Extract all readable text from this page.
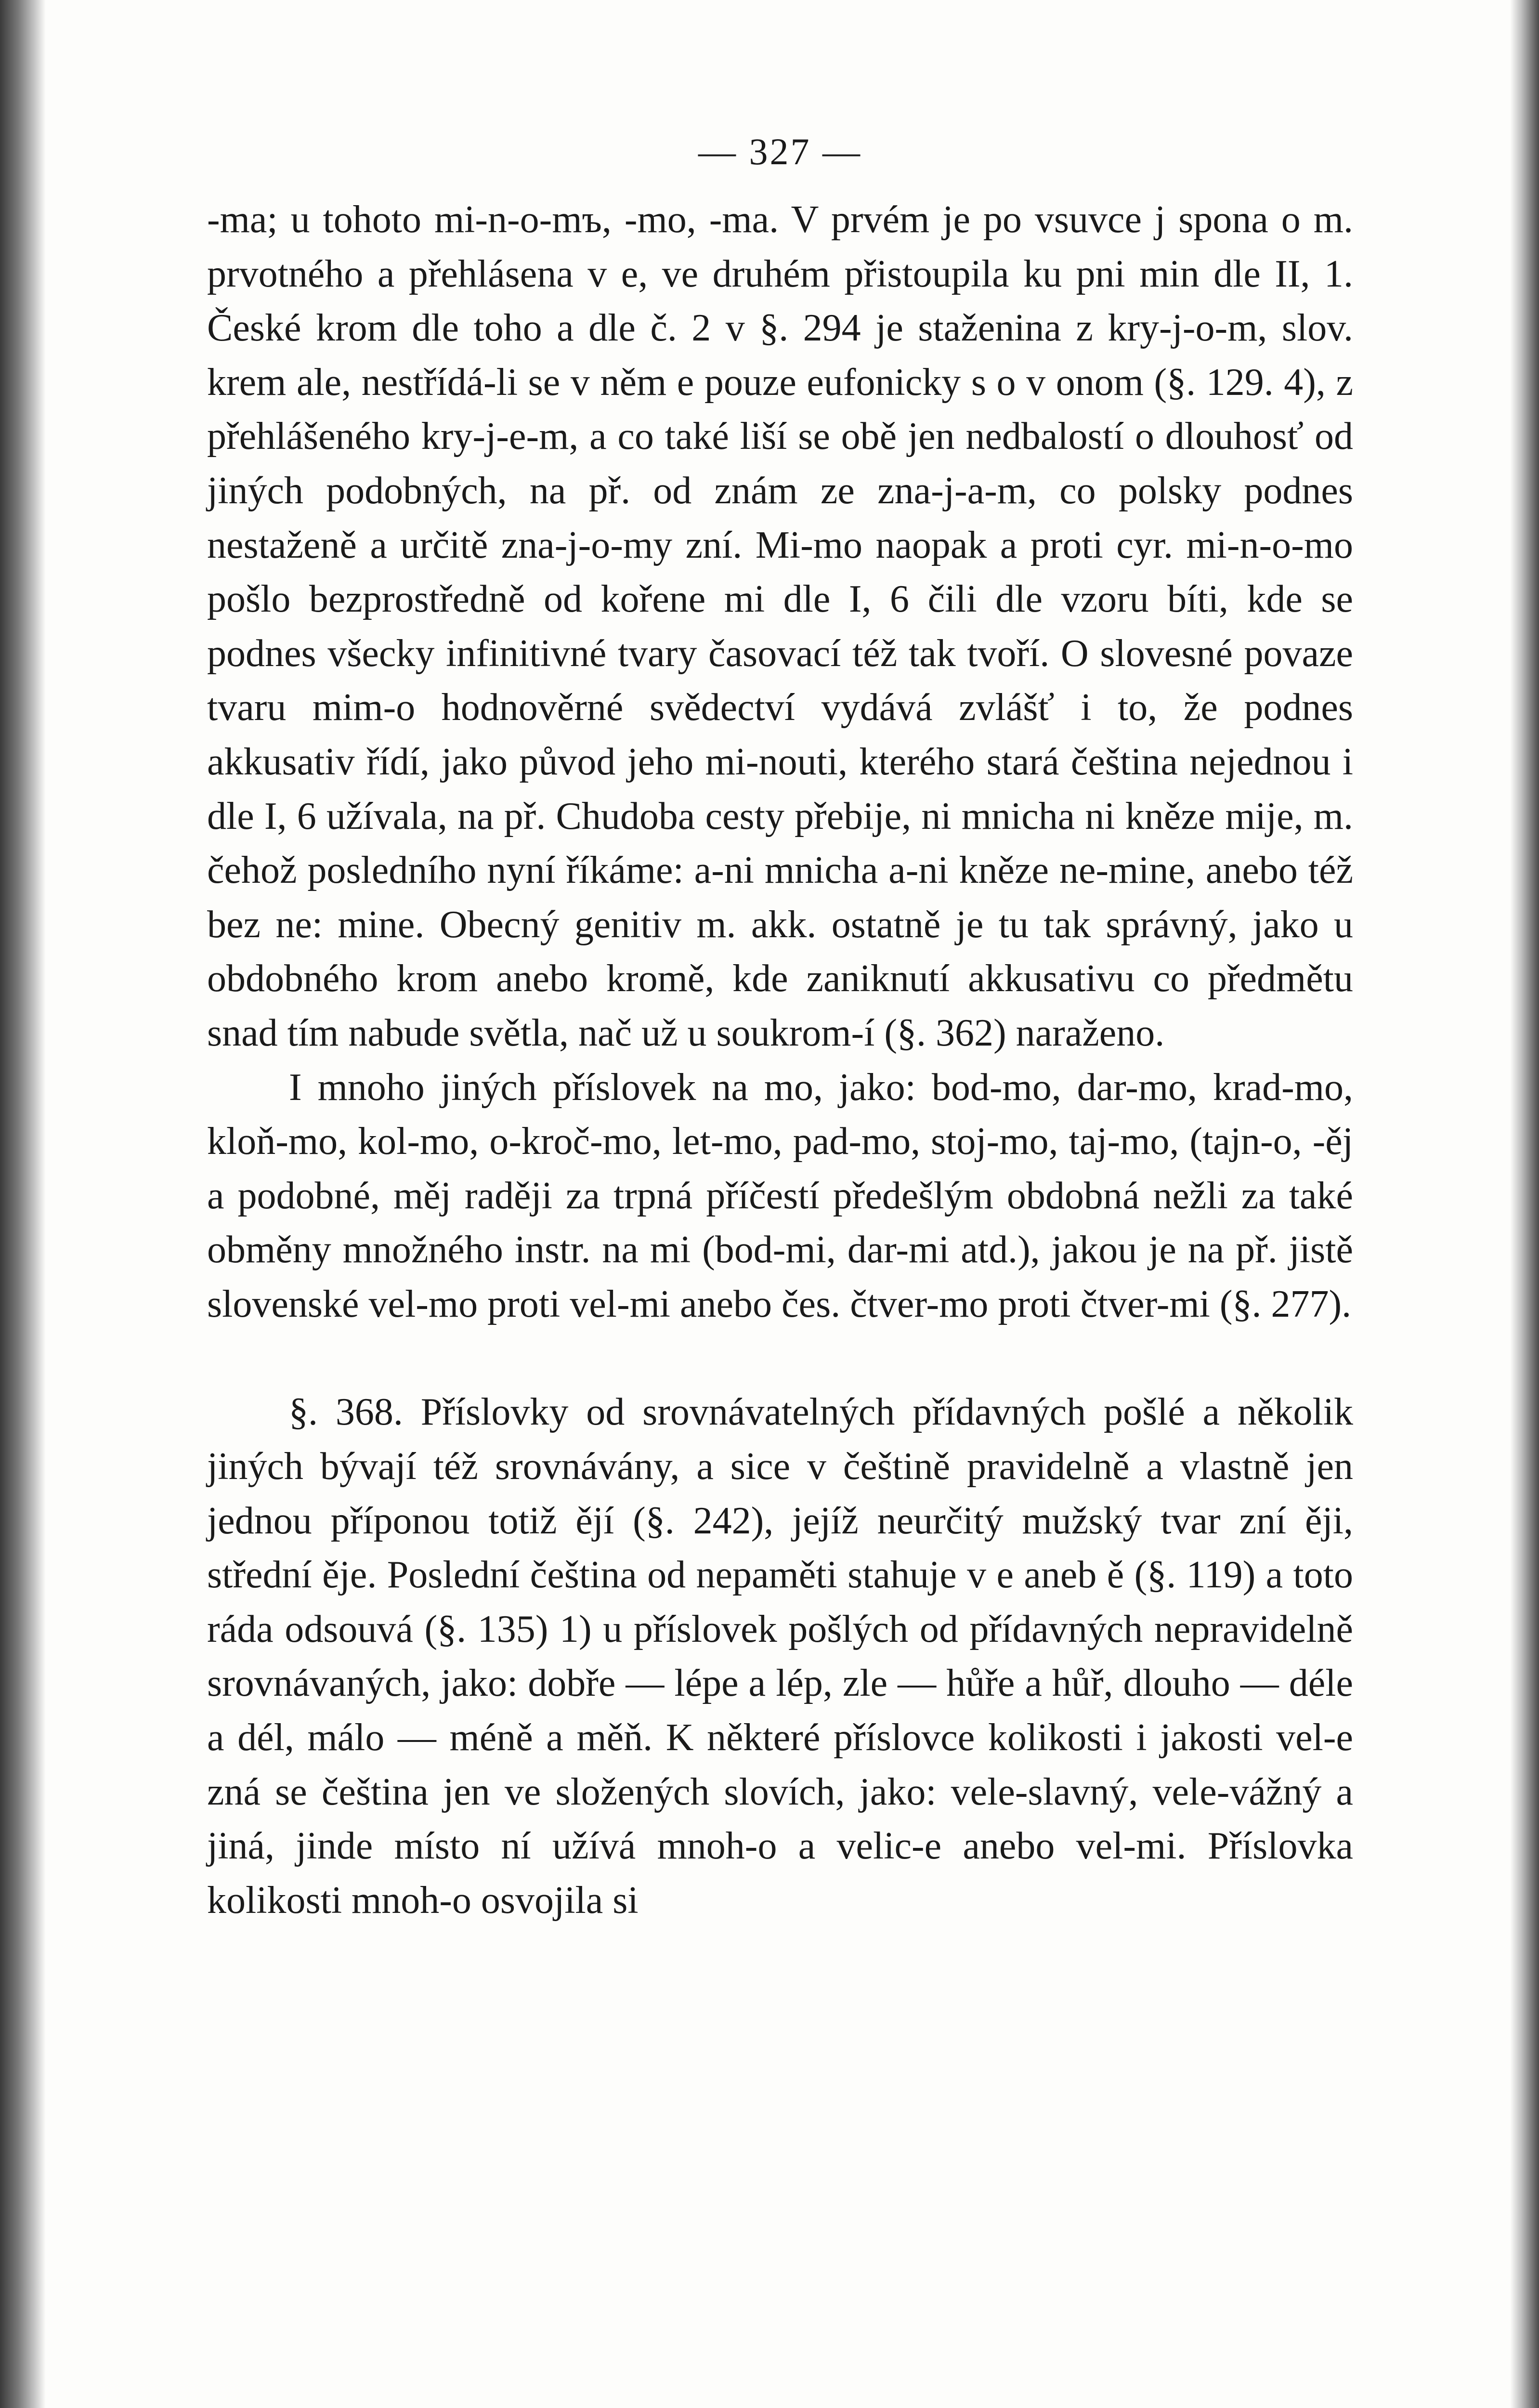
— 327 —

-ma; u tohoto mi-n-o-mъ, -mo, -ma. V prvém je po vsuvce j spona o m. prvotného a přehlásena v e, ve druhém přistoupila ku pni min dle II, 1. České krom dle toho a dle č. 2 v §. 294 je staženina z kry-j-o-m, slov. krem ale, nestřídá-li se v něm e pouze eufonicky s o v onom (§. 129. 4), z přehlášeného kry-j-e-m, a co také liší se obě jen nedbalostí o dlouhosť od jiných podobných, na př. od znám ze zna-j-a-m, co polsky podnes nestaženě a určitě zna-j-o-my zní. Mi-mo naopak a proti cyr. mi-n-o-mo pošlo bezprostředně od kořene mi dle I, 6 čili dle vzoru bíti, kde se podnes všecky infinitivné tvary časovací též tak tvoří. O slovesné povaze tvaru mim-o hodnověrné svědectví vydává zvlášť i to, že podnes akkusativ řídí, jako původ jeho mi-nouti, kterého stará čeština nejednou i dle I, 6 užívala, na př. Chudoba cesty přebije, ni mnicha ni kněze mije, m. čehož posledního nyní říkáme: a-ni mnicha a-ni kněze ne-mine, anebo též bez ne: mine. Obecný genitiv m. akk. ostatně je tu tak správný, jako u obdobného krom anebo kromě, kde zaniknutí akkusativu co předmětu snad tím nabude světla, nač už u soukrom-í (§. 362) naraženo.

I mnoho jiných příslovek na mo, jako: bod-mo, dar-mo, krad-mo, kloň-mo, kol-mo, o-kroč-mo, let-mo, pad-mo, stoj-mo, taj-mo, (tajn-o, -ěj a podobné, měj raději za trpná příčestí předešlým obdobná nežli za také obměny množného instr. na mi (bod-mi, dar-mi atd.), jakou je na př. jistě slovenské vel-mo proti vel-mi anebo čes. čtver-mo proti čtver-mi (§. 277).

§. 368. Příslovky od srovnávatelných přídavných pošlé a několik jiných bývají též srovnávány, a sice v češtině pravidelně a vlastně jen jednou příponou totiž ějí (§. 242), jejíž neurčitý mužský tvar zní ěji, střední ěje. Poslední čeština od nepaměti stahuje v e aneb ě (§. 119) a toto ráda odsouvá (§. 135) 1) u příslovek pošlých od přídavných nepravidelně srovnávaných, jako: dobře — lépe a lép, zle — hůře a hůř, dlouho — déle a dél, málo — méně a měň. K některé příslovce kolikosti i jakosti vel-e zná se čeština jen ve složených slovích, jako: vele-slavný, vele-vážný a jiná, jinde místo ní užívá mnoh-o a velic-e anebo vel-mi. Příslovka kolikosti mnoh-o osvojila si
